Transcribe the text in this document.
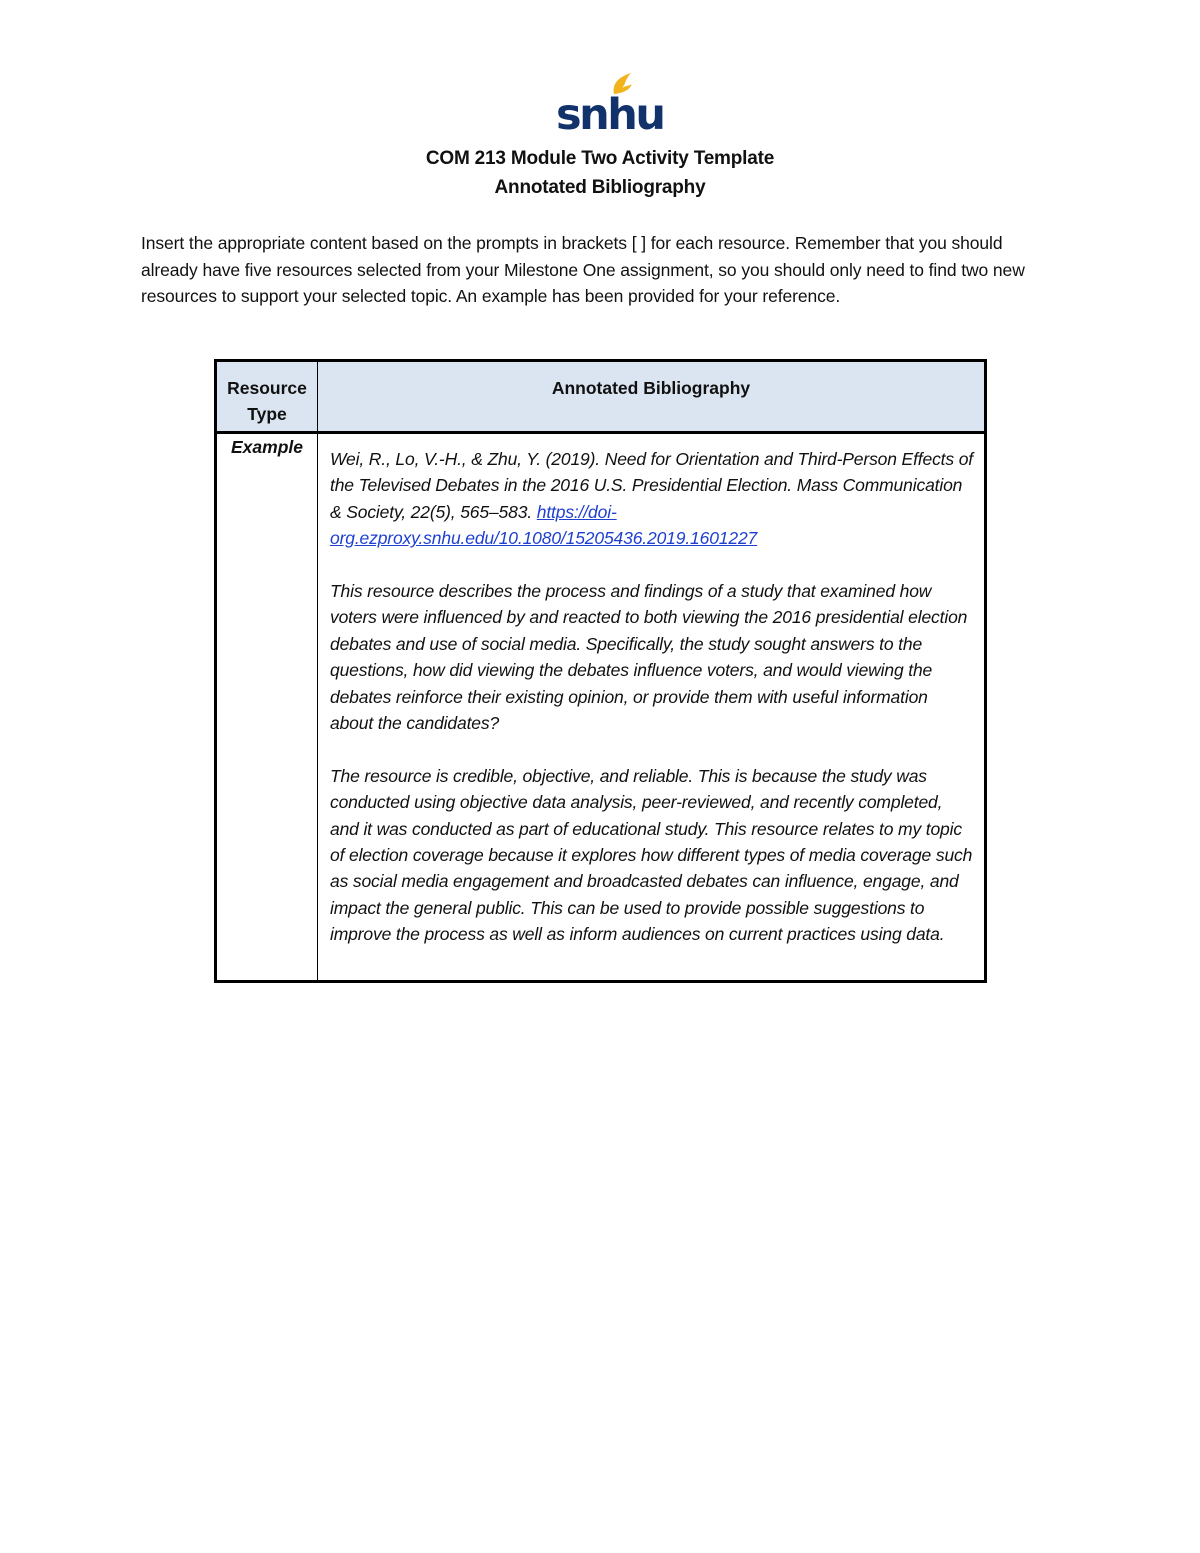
snhu
COM 213 Module Two Activity Template
Annotated Bibliography
Insert the appropriate content based on the prompts in brackets [ ] for each resource. Remember that you should already have five resources selected from your Milestone One assignment, so you should only need to find two new resources to support your selected topic. An example has been provided for your reference.
Resource Type	Annotated Bibliography
Example	Wei, R., Lo, V.-H., & Zhu, Y. (2019). Need for Orientation and Third-Person Effects of the Televised Debates in the 2016 U.S. Presidential Election. Mass Communication & Society, 22(5), 565–583. https://doi-org.ezproxy.snhu.edu/10.1080/15205436.2019.1601227

This resource describes the process and findings of a study that examined how voters were influenced by and reacted to both viewing the 2016 presidential election debates and use of social media. Specifically, the study sought answers to the questions, how did viewing the debates influence voters, and would viewing the debates reinforce their existing opinion, or provide them with useful information about the candidates?

The resource is credible, objective, and reliable. This is because the study was conducted using objective data analysis, peer-reviewed, and recently completed, and it was conducted as part of educational study. This resource relates to my topic of election coverage because it explores how different types of media coverage such as social media engagement and broadcasted debates can influence, engage, and impact the general public. This can be used to provide possible suggestions to improve the process as well as inform audiences on current practices using data.
